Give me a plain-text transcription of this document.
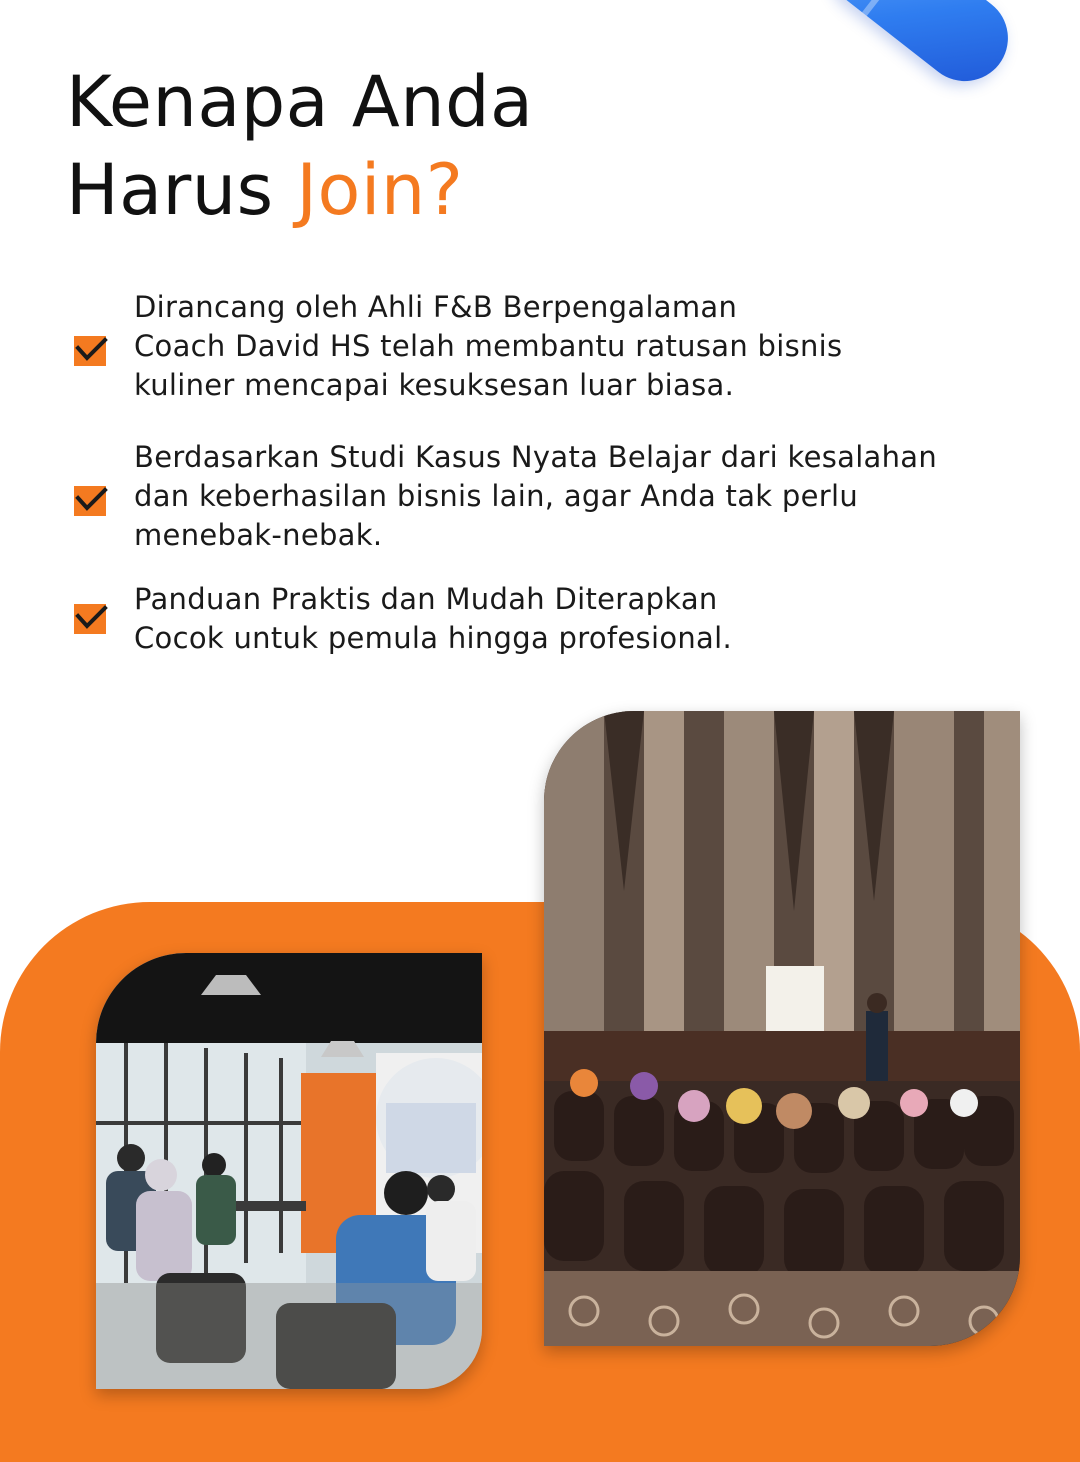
Kenapa Anda
Harus Join?
Dirancang oleh Ahli F&B Berpengalaman
Coach David HS telah membantu ratusan bisnis
kuliner mencapai kesuksesan luar biasa.
Berdasarkan Studi Kasus Nyata Belajar dari kesalahan
dan keberhasilan bisnis lain, agar Anda tak perlu
menebak-nebak.
Panduan Praktis dan Mudah Diterapkan
Cocok untuk pemula hingga profesional.
